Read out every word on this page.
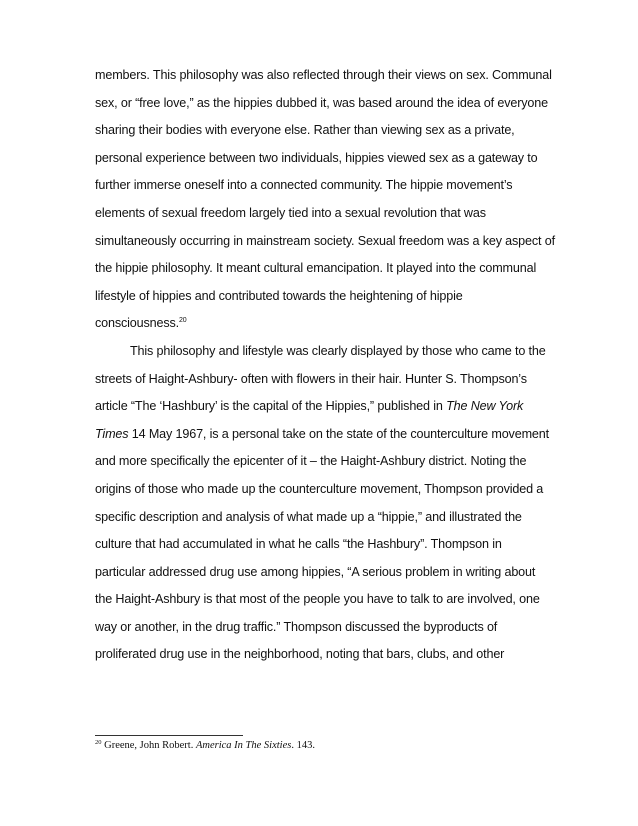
members. This philosophy was also reflected through their views on sex. Communal
sex, or “free love,” as the hippies dubbed it, was based around the idea of everyone
sharing their bodies with everyone else. Rather than viewing sex as a private,
personal experience between two individuals, hippies viewed sex as a gateway to
further immerse oneself into a connected community. The hippie movement’s
elements of sexual freedom largely tied into a sexual revolution that was
simultaneously occurring in mainstream society. Sexual freedom was a key aspect of
the hippie philosophy. It meant cultural emancipation. It played into the communal
lifestyle of hippies and contributed towards the heightening of hippie
consciousness.$^{20}$
This philosophy and lifestyle was clearly displayed by those who came to the
streets of Haight-Ashbury- often with flowers in their hair. Hunter S. Thompson’s
article “The ‘Hashbury’ is the capital of the Hippies,” published in The New York
Times 14 May 1967, is a personal take on the state of the counterculture movement
and more specifically the epicenter of it – the Haight-Ashbury district. Noting the
origins of those who made up the counterculture movement, Thompson provided a
specific description and analysis of what made up a “hippie,” and illustrated the
culture that had accumulated in what he calls “the Hashbury”. Thompson in
particular addressed drug use among hippies, “A serious problem in writing about
the Haight-Ashbury is that most of the people you have to talk to are involved, one
way or another, in the drug traffic.” Thompson discussed the byproducts of
proliferated drug use in the neighborhood, noting that bars, clubs, and other
$^{20}$ Greene, John Robert. America In The Sixties. 143.
